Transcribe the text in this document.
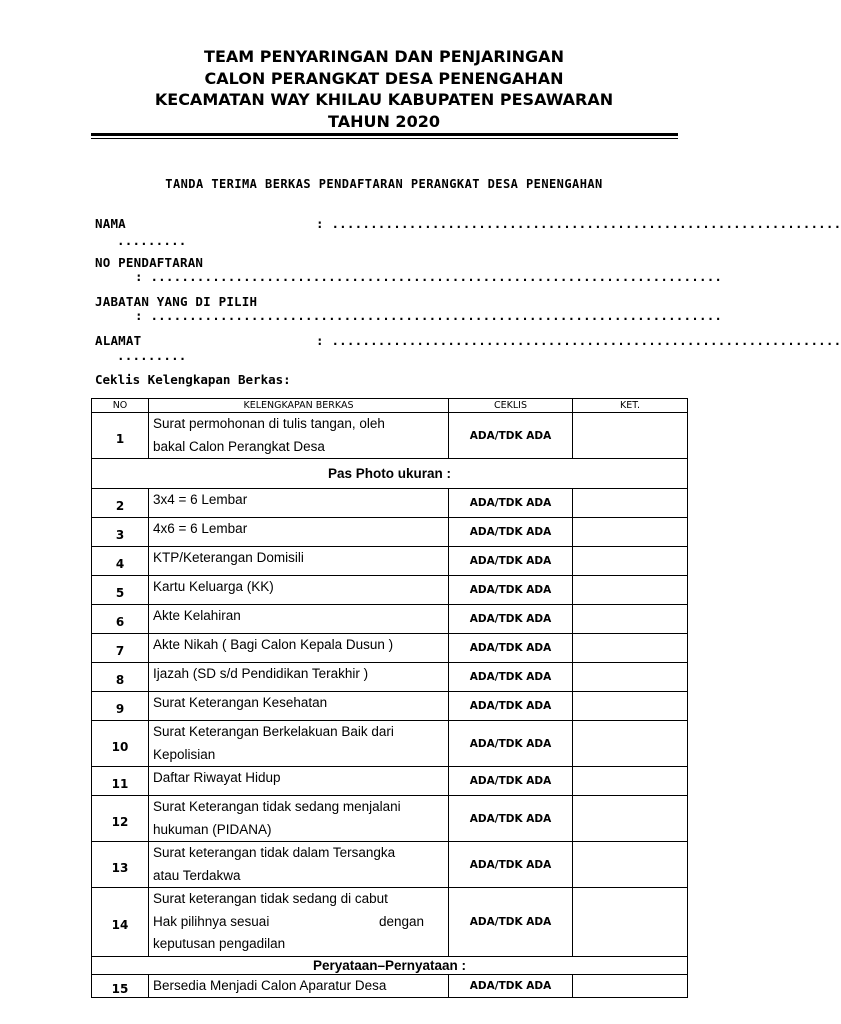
TEAM PENYARINGAN DAN PENJARINGAN
CALON PERANGKAT DESA PENENGAHAN
KECAMATAN WAY KHILAU KABUPATEN PESAWARAN
TAHUN 2020
TANDA TERIMA BERKAS PENDAFTARAN PERANGKAT DESA PENENGAHAN
NAMA	: ..................................................................
.........
NO PENDAFTARAN
: ..........................................................................
JABATAN YANG DI PILIH
: ..........................................................................
ALAMAT	: ..................................................................
.........
Ceklis Kelengkapan Berkas:
NO	KELENGKAPAN BERKAS	CEKLIS	KET.
1	Surat permohonan di tulis tangan, oleh
bakal Calon Perangkat Desa	ADA/TDK ADA	
Pas Photo ukuran :			
2	3x4 = 6 Lembar	ADA/TDK ADA	
3	4x6 = 6 Lembar	ADA/TDK ADA	
4	KTP/Keterangan Domisili	ADA/TDK ADA	
5	Kartu Keluarga (KK)	ADA/TDK ADA	
6	Akte Kelahiran	ADA/TDK ADA	
7	Akte Nikah ( Bagi Calon Kepala Dusun )	ADA/TDK ADA	
8	Ijazah (SD s/d Pendidikan Terakhir )	ADA/TDK ADA	
9	Surat Keterangan Kesehatan	ADA/TDK ADA	
10	Surat Keterangan Berkelakuan Baik dari
Kepolisian	ADA/TDK ADA	
11	Daftar Riwayat Hidup	ADA/TDK ADA	
12	Surat Keterangan tidak sedang menjalani
hukuman (PIDANA)	ADA/TDK ADA	
13	Surat keterangan tidak dalam Tersangka
atau Terdakwa	ADA/TDK ADA	
14	Surat keterangan tidak sedang di cabut
Hak pilihnya sesuai dengan
keputusan pengadilan	ADA/TDK ADA	
Peryataan–Pernyataan :			
15	Bersedia Menjadi Calon Aparatur Desa	ADA/TDK ADA	
